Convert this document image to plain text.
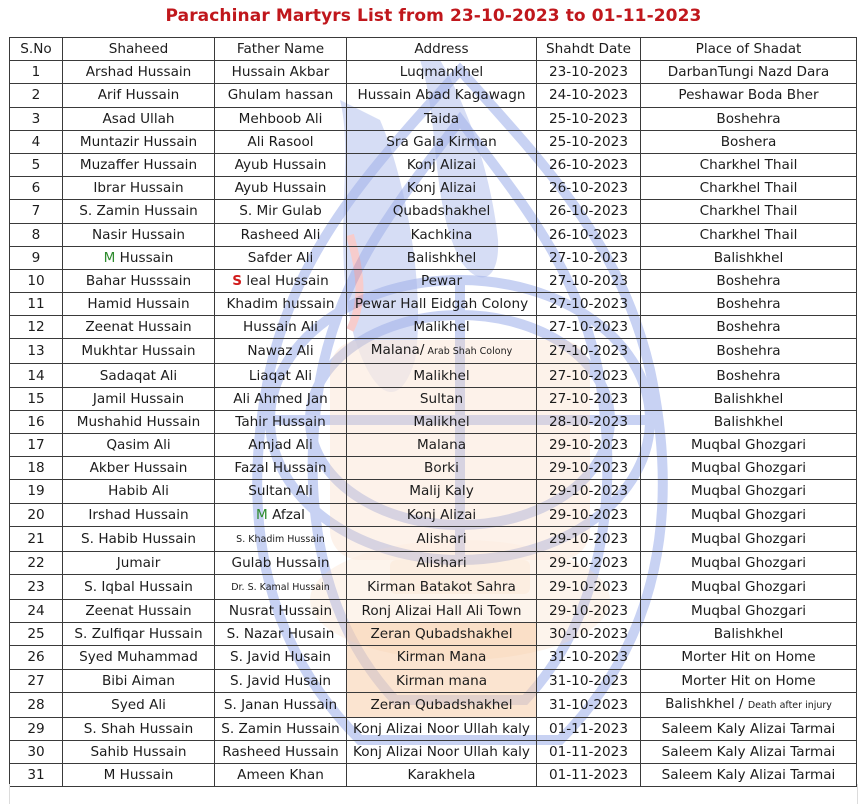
Parachinar Martyrs List from 23-10-2023 to 01-11-2023
S.No	Shaheed	Father Name	Address	Shahdt Date	Place of Shadat
1	Arshad Hussain	Hussain Akbar	Luqmankhel	23-10-2023	DarbanTungi Nazd Dara
2	Arif Hussain	Ghulam hassan	Hussain Abad Kagawagn	24-10-2023	Peshawar Boda Bher
3	Asad Ullah	Mehboob Ali	Taida	25-10-2023	Boshehra
4	Muntazir Hussain	Ali Rasool	Sra Gala Kirman	25-10-2023	Boshera
5	Muzaffer Hussain	Ayub Hussain	Konj Alizai	26-10-2023	Charkhel Thail
6	Ibrar Hussain	Ayub Hussain	Konj Alizai	26-10-2023	Charkhel Thail
7	S. Zamin Hussain	S. Mir Gulab	Qubadshakhel	26-10-2023	Charkhel Thail
8	Nasir Hussain	Rasheed Ali	Kachkina	26-10-2023	Charkhel Thail
9	M Hussain	Safder Ali	Balishkhel	27-10-2023	Balishkhel
10	Bahar Husssain	S leal Hussain	Pewar	27-10-2023	Boshehra
11	Hamid Hussain	Khadim hussain	Pewar Hall Eidgah Colony	27-10-2023	Boshehra
12	Zeenat Hussain	Hussain Ali	Malikhel	27-10-2023	Boshehra
13	Mukhtar Hussain	Nawaz Ali	Malana/ Arab Shah Colony	27-10-2023	Boshehra
14	Sadaqat Ali	Liaqat Ali	Malikhel	27-10-2023	Boshehra
15	Jamil Hussain	Ali Ahmed Jan	Sultan	27-10-2023	Balishkhel
16	Mushahid Hussain	Tahir Hussain	Malikhel	28-10-2023	Balishkhel
17	Qasim Ali	Amjad Ali	Malana	29-10-2023	Muqbal Ghozgari
18	Akber Hussain	Fazal Hussain	Borki	29-10-2023	Muqbal Ghozgari
19	Habib Ali	Sultan Ali	Malij Kaly	29-10-2023	Muqbal Ghozgari
20	Irshad Hussain	M Afzal	Konj Alizai	29-10-2023	Muqbal Ghozgari
21	S. Habib Hussain	S. Khadim Hussain	Alishari	29-10-2023	Muqbal Ghozgari
22	Jumair	Gulab Hussain	Alishari	29-10-2023	Muqbal Ghozgari
23	S. Iqbal Hussain	Dr. S. Kamal Hussain	Kirman Batakot Sahra	29-10-2023	Muqbal Ghozgari
24	Zeenat Hussain	Nusrat Hussain	Ronj Alizai Hall Ali Town	29-10-2023	Muqbal Ghozgari
25	S. Zulfiqar Hussain	S. Nazar Husain	Zeran Qubadshakhel	30-10-2023	Balishkhel
26	Syed Muhammad	S. Javid Husain	Kirman Mana	31-10-2023	Morter Hit on Home
27	Bibi Aiman	S. Javid Husain	Kirman mana	31-10-2023	Morter Hit on Home
28	Syed Ali	S. Janan Hussain	Zeran Qubadshakhel	31-10-2023	Balishkhel / Death after injury
29	S. Shah Hussain	S. Zamin Hussain	Konj Alizai Noor Ullah kaly	01-11-2023	Saleem Kaly Alizai Tarmai
30	Sahib Hussain	Rasheed Hussain	Konj Alizai Noor Ullah kaly	01-11-2023	Saleem Kaly Alizai Tarmai
31	M Hussain	Ameen Khan	Karakhela	01-11-2023	Saleem Kaly Alizai Tarmai
